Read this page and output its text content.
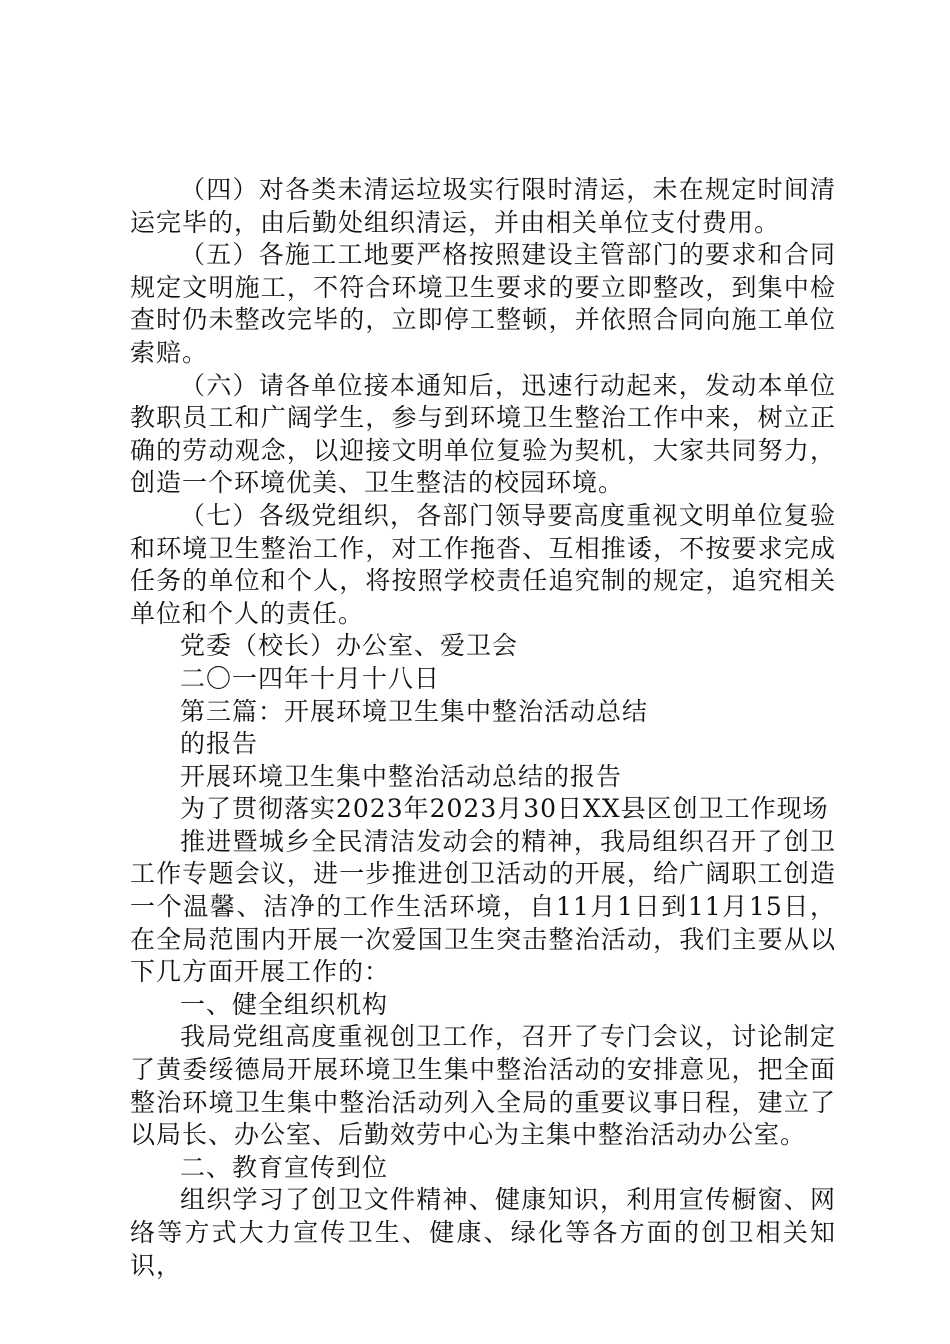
（四）对各类未清运垃圾实行限时清运，未在规定时间清运完毕的，由后勤处组织清运，并由相关单位支付费用。

（五）各施工工地要严格按照建设主管部门的要求和合同规定文明施工，不符合环境卫生要求的要立即整改，到集中检查时仍未整改完毕的，立即停工整顿，并依照合同向施工单位索赔。

（六）请各单位接本通知后，迅速行动起来，发动本单位教职员工和广阔学生，参与到环境卫生整治工作中来，树立正确的劳动观念，以迎接文明单位复验为契机，大家共同努力，创造一个环境优美、卫生整洁的校园环境。

（七）各级党组织，各部门领导要高度重视文明单位复验和环境卫生整治工作，对工作拖沓、互相推诿，不按要求完成任务的单位和个人，将按照学校责任追究制的规定，追究相关单位和个人的责任。

党委（校长）办公室、爱卫会

二〇一四年十月十八日

第三篇：开展环境卫生集中整治活动总结

的报告

开展环境卫生集中整治活动总结的报告

为了贯彻落实2023年2023月30日XX县区创卫工作现场

推进暨城乡全民清洁发动会的精神，我局组织召开了创卫工作专题会议，进一步推进创卫活动的开展，给广阔职工创造一个温馨、洁净的工作生活环境，自11月1日到11月15日，在全局范围内开展一次爱国卫生突击整治活动，我们主要从以下几方面开展工作的：

一、健全组织机构

我局党组高度重视创卫工作，召开了专门会议，讨论制定了黄委绥德局开展环境卫生集中整治活动的安排意见，把全面整治环境卫生集中整治活动列入全局的重要议事日程，建立了以局长、办公室、后勤效劳中心为主集中整治活动办公室。

二、教育宣传到位

组织学习了创卫文件精神、健康知识，利用宣传橱窗、网络等方式大力宣传卫生、健康、绿化等各方面的创卫相关知识，
